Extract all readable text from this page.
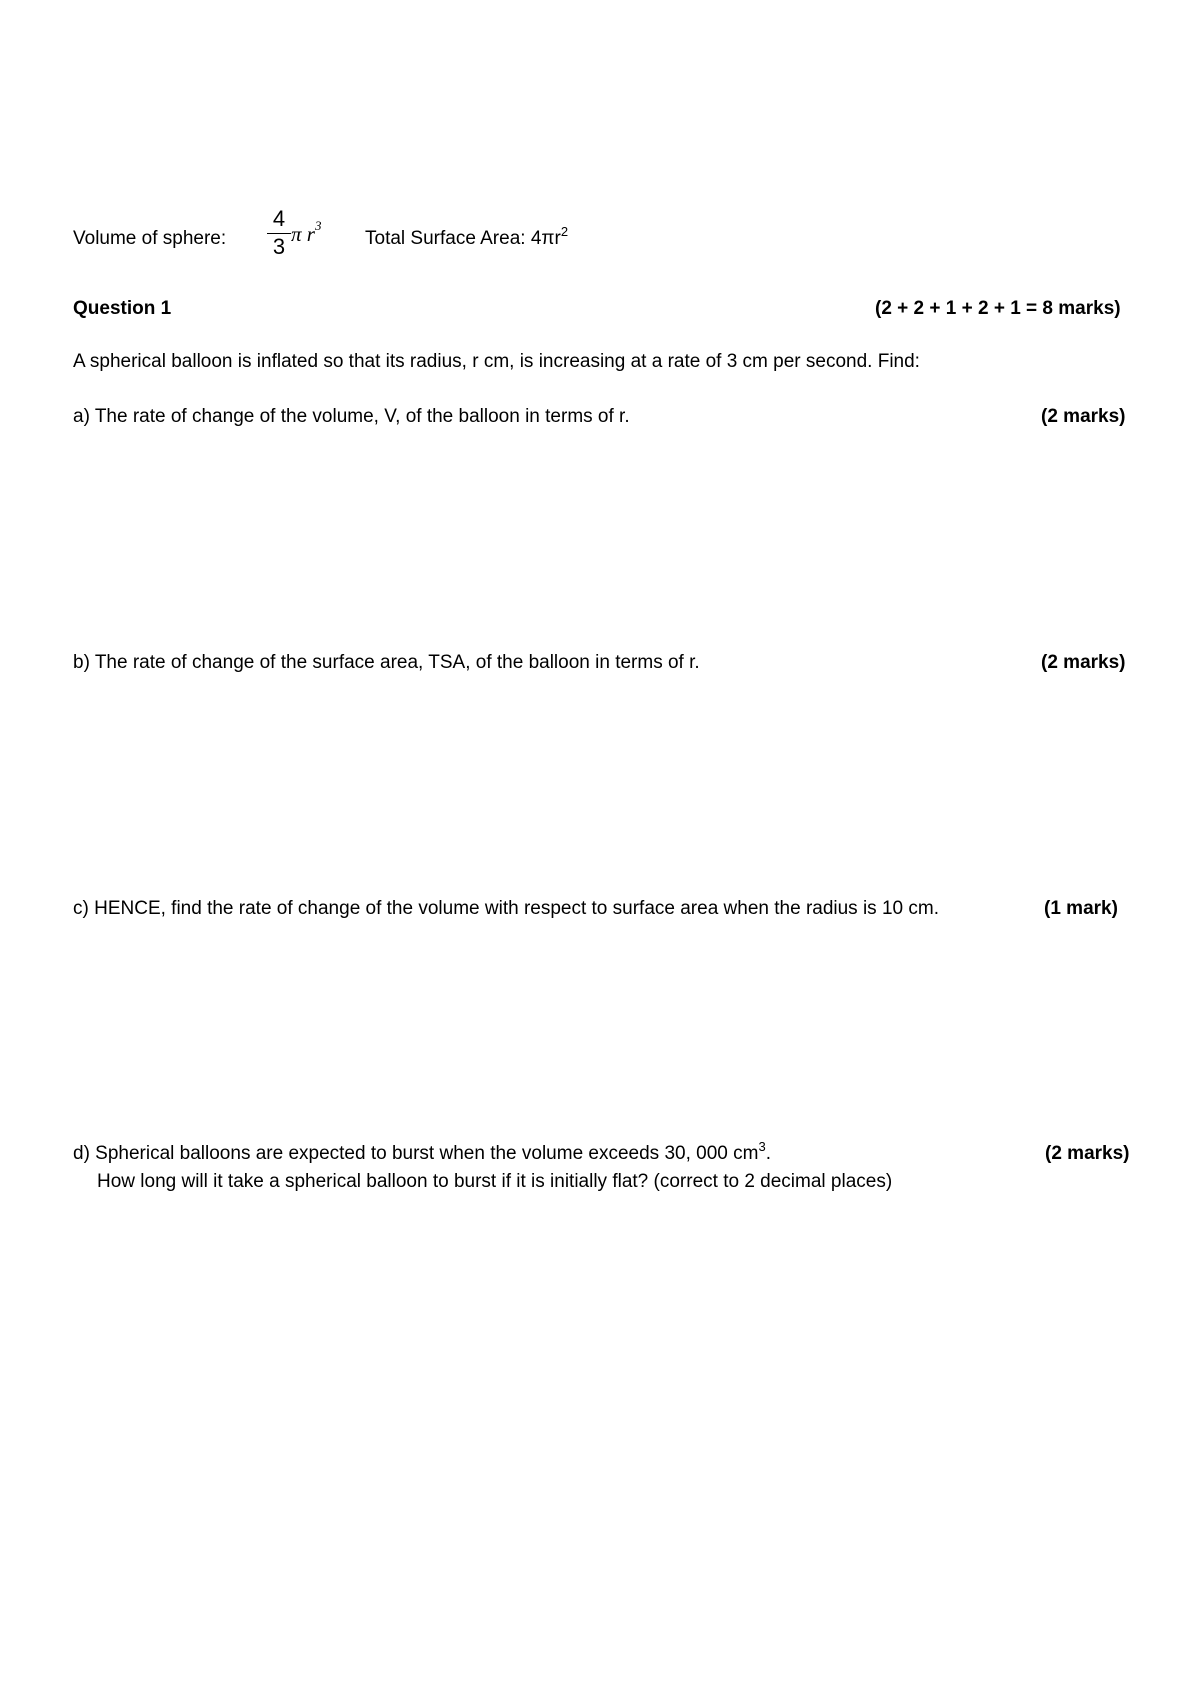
Volume of sphere:
4
3 π $r^3$
Total Surface Area: $4\pi r^2$
Question 1	(2 + 2 + 1 + 2 + 1 = 8 marks)
A spherical balloon is inflated so that its radius, r cm, is increasing at a rate of 3 cm per second. Find:
a) The rate of change of the volume, V, of the balloon in terms of r.	(2 marks)
b) The rate of change of the surface area, TSA, of the balloon in terms of r.	(2 marks)
c) HENCE, find the rate of change of the volume with respect to surface area when the radius is 10 cm.	(1 mark)
d) Spherical balloons are expected to burst when the volume exceeds 30, 000 $cm^3$.	(2 marks)
How long will it take a spherical balloon to burst if it is initially flat? (correct to 2 decimal places)
